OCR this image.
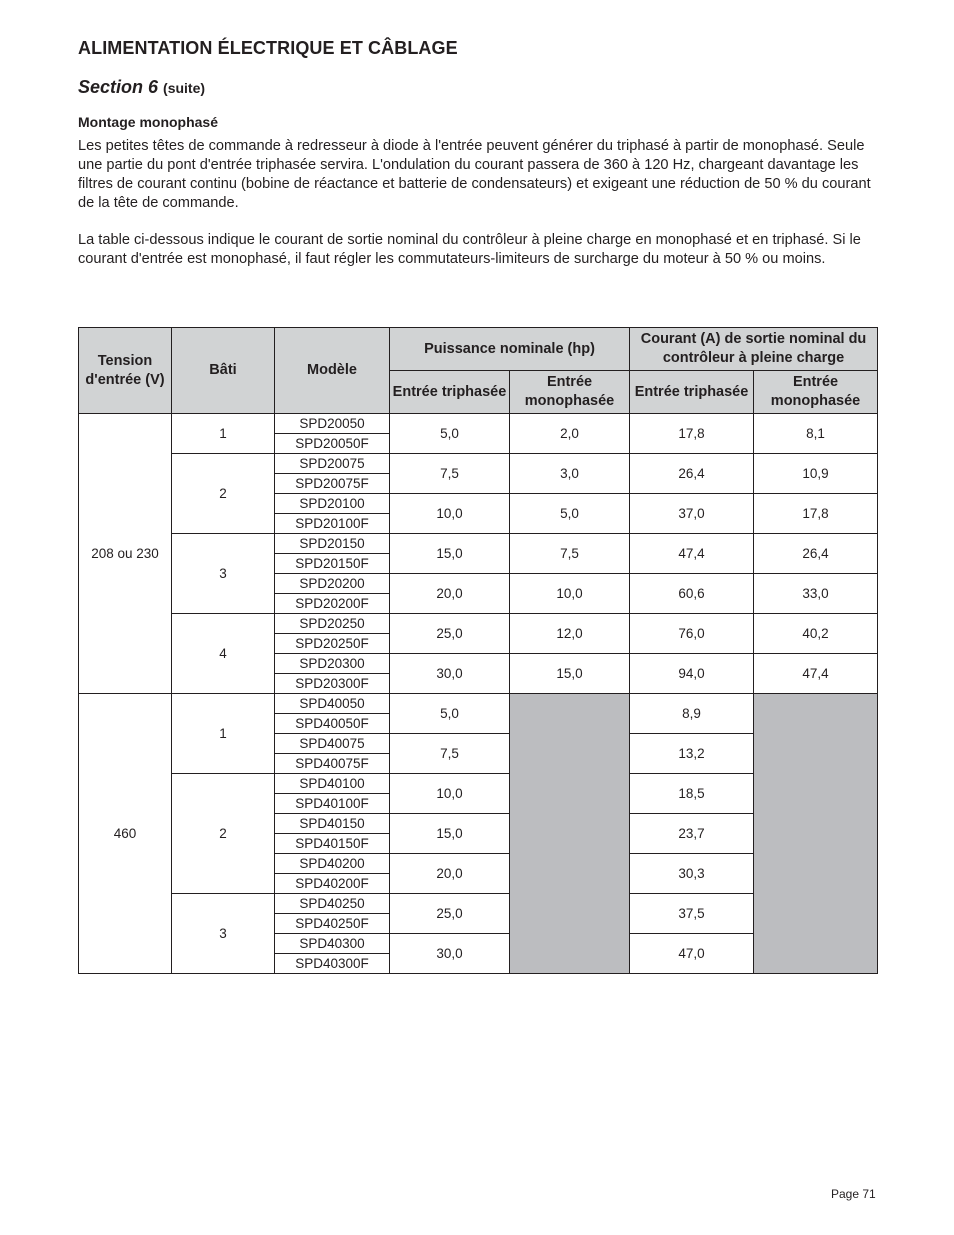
ALIMENTATION ÉLECTRIQUE ET CÂBLAGE
Section 6 (suite)
Montage monophasé

Les petites têtes de commande à redresseur à diode à l'entrée peuvent générer du triphasé à partir de monophasé. Seule une partie du pont d'entrée triphasée servira. L'ondulation du courant passera de 360 à 120 Hz, chargeant davantage les filtres de courant continu (bobine de réactance et batterie de condensateurs) et exigeant une réduction de 50 % du courant de la tête de commande.

La table ci-dessous indique le courant de sortie nominal du contrôleur à pleine charge en monophasé et en triphasé. Si le courant d'entrée est monophasé, il faut régler les commutateurs-limiteurs de surcharge du moteur à 50 % ou moins.

Tension d'entrée (V)	Bâti	Modèle	Puissance nominale (hp)		Courant (A) de sortie nominal du contrôleur à pleine charge	
			Entrée triphasée	Entrée monophasée	Entrée triphasée	Entrée monophasée
208 ou 230	1	SPD20050	5,0	2,0	17,8	8,1
		SPD20050F				
	2	SPD20075	7,5	3,0	26,4	10,9
		SPD20075F				
		SPD20100	10,0	5,0	37,0	17,8
		SPD20100F				
	3	SPD20150	15,0	7,5	47,4	26,4
		SPD20150F				
		SPD20200	20,0	10,0	60,6	33,0
		SPD20200F				
	4	SPD20250	25,0	12,0	76,0	40,2
		SPD20250F				
		SPD20300	30,0	15,0	94,0	47,4
		SPD20300F				
460	1	SPD40050	5,0		8,9	
		SPD40050F				
		SPD40075	7,5		13,2	
		SPD40075F				
	2	SPD40100	10,0		18,5	
		SPD40100F				
		SPD40150	15,0		23,7	
		SPD40150F				
		SPD40200	20,0		30,3	
		SPD40200F				
	3	SPD40250	25,0		37,5	
		SPD40250F				
		SPD40300	30,0		47,0	
		SPD40300F				
Page 71
